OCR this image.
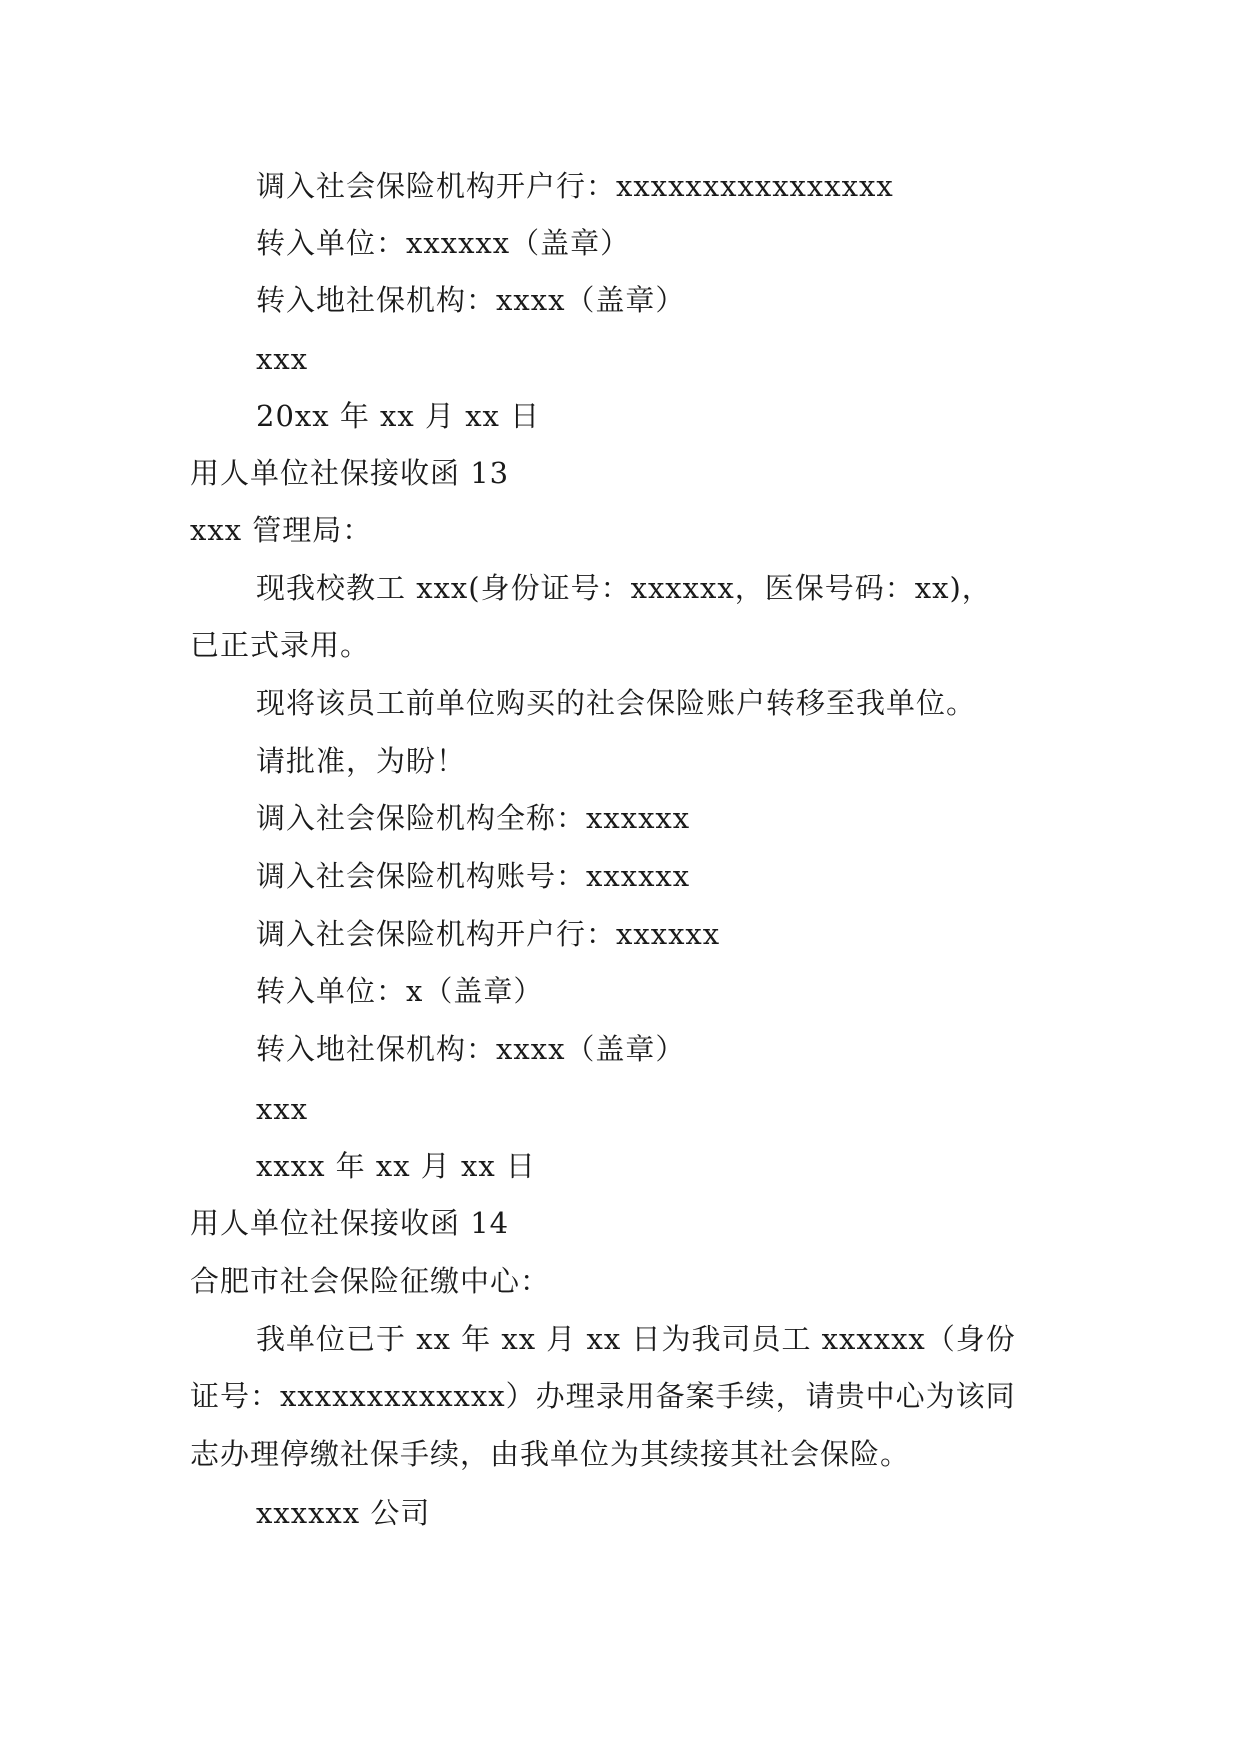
调入社会保险机构开户行：xxxxxxxxxxxxxxxx
转入单位：xxxxxx（盖章）
转入地社保机构：xxxx（盖章）
xxx
20xx 年 xx 月 xx 日
用人单位社保接收函 13
xxx 管理局：
现我校教工 xxx(身份证号：xxxxxx，医保号码：xx)，
已正式录用。
现将该员工前单位购买的社会保险账户转移至我单位。
请批准，为盼！
调入社会保险机构全称：xxxxxx
调入社会保险机构账号：xxxxxx
调入社会保险机构开户行：xxxxxx
转入单位：x（盖章）
转入地社保机构：xxxx（盖章）
xxx
xxxx 年 xx 月 xx 日
用人单位社保接收函 14
合肥市社会保险征缴中心：
我单位已于 xx 年 xx 月 xx 日为我司员工 xxxxxx（身份
证号：xxxxxxxxxxxxx）办理录用备案手续，请贵中心为该同
志办理停缴社保手续，由我单位为其续接其社会保险。
xxxxxx 公司
